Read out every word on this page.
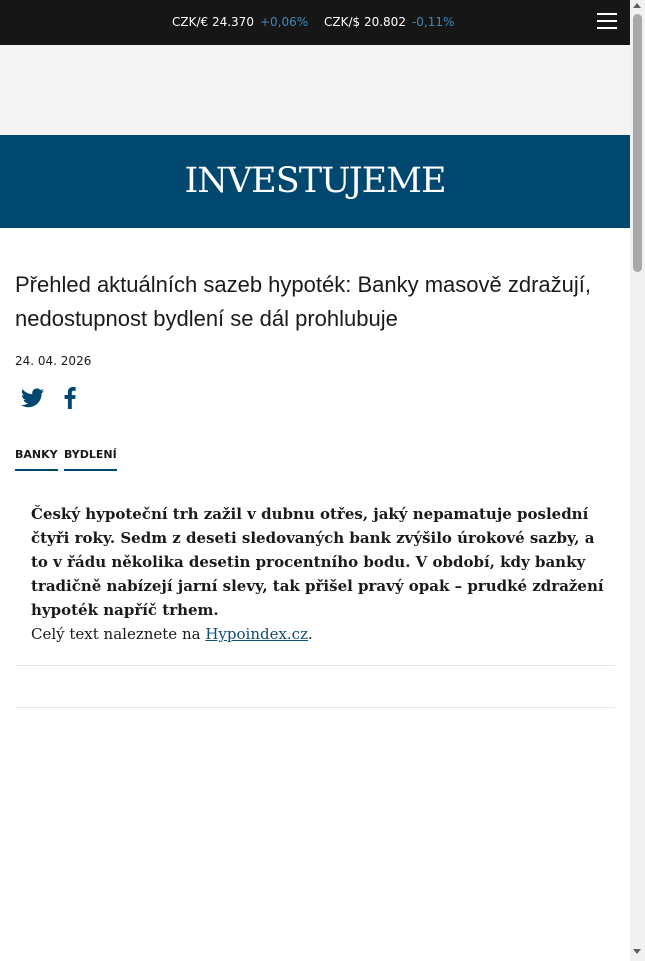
CZK/€ 24.370 +0,06% CZK/$ 20.802 -0,11%
INVESTUJEME
Přehled aktuálních sazeb hypoték: Banky masově zdražují, nedostupnost bydlení se dál prohlubuje
24. 04. 2026
BANKY BYDLENÍ

Český hypoteční trh zažil v dubnu otřes, jaký nepamatuje poslední čtyři roky. Sedm z deseti sledovaných bank zvýšilo úrokové sazby, a to v řádu několika desetin procentního bodu. V období, kdy banky tradičně nabízejí jarní slevy, tak přišel pravý opak – prudké zdražení hypoték napříč trhem.

Celý text naleznete na Hypoindex.cz.
